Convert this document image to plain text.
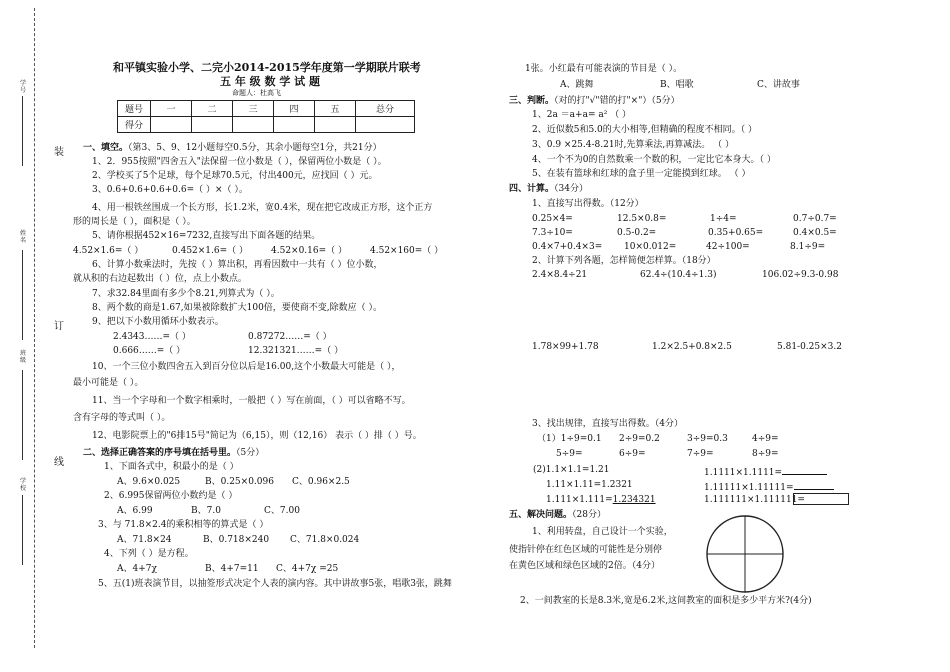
学号
姓名
班级
学校
装
订
线
和平镇实验小学、二完小2014-2015学年度第一学期联片联考
五 年 级 数 学 试 题
命题人：杜高飞
题号	一	二	三	四	五	总分
得分						
一、填空。（第3、5、9、12小题每空0.5分，其余小题每空1分，共21分）
1、2．955按照"四舍五入"法保留一位小数是（ ），保留两位小数是（ ）。
2、学校买了5个足球，每个足球70.5元，付出400元，应找回（ ）元。
3、0.6+0.6+0.6+0.6=（ ）×（ ）。
4、用一根铁丝围成一个长方形，长1.2米，宽0.4米，现在把它改成正方形，这个正方
形的周长是（ ），面积是（ ）。
5、请你根据452×16=7232,直接写出下面各题的结果。
4.52×1.6=（ ）	0.452×1.6=（ ）	4.52×0.16=（ ）	4.52×160=（ ）
6、计算小数乘法时，先按（ ）算出积，再看因数中一共有（ ）位小数，
就从积的右边起数出（ ）位，点上小数点。
7、求32.84里面有多少个8.21,列算式为（ ）。
8、两个数的商是1.67,如果被除数扩大100倍，要使商不变,除数应（ ）。
9、把以下小数用循环小数表示。
2.4343……=（ ）	0.87272……=（ ）
0.666……=（ ）	12.321321……=（ ）
10、一个三位小数四舍五入到百分位以后是16.00,这个小数最大可能是（ ），
最小可能是（ ）。
11、当一个字母和一个数字相乘时，一般把（ ）写在前面，（ ）可以省略不写。
含有字母的等式叫（ ）。
12、电影院票上的"6排15号"简记为（6,15），则（12,16） 表示（ ）排（ ）号。
二、选择正确答案的序号填在括号里。（5分）
1、下面各式中，积最小的是（ ）
A、9.6×0.025	B、0.25×0.096 C、0.96×2.5
2、6.995保留两位小数约是（ ）
A、6.99	B、7.0	C、7.00
3、与 71.8×2.4的乘积相等的算式是（ ）
A、71.8×24	B、0.718×240 C、71.8×0.024
4、下列（ ）是方程。
A、4+7χ	B、4+7=11 C、4+7χ =25
5、五(1)班表演节目，以抽签形式决定个人表的演内容。其中讲故事5张，唱歌3张，跳舞
1张。小红最有可能表演的节目是（ ）。
A、跳舞	B、唱歌	C、讲故事
三、判断。（对的打"√"错的打"×"）（5分）
1、2a ＝a+a= a² （ ）
2、近似数5和5.0的大小相等,但精确的程度不相同。（ ）
3、0.9 ×25.4-8.21时,先算乘法,再算减法。 （ ）
4、一个不为0的自然数乘一个数的积，一定比它本身大。（ ）
5、在装有篮球和红球的盒子里一定能摸到红球。 （ ）
四、计算。（34分）
1、直接写出得数。（12分）
0.25×4=	12.5×0.8=	1÷4=	0.7÷0.7=
7.3÷10=	0.5-0.2=	0.35+0.65=	0.4×0.5=
0.4×7+0.4×3= 10×0.012=	42÷100=	8.1÷9=
2、计算下列各题，怎样简便怎样算。（18分）
2.4×8.4÷21	62.4÷(10.4÷1.3)	106.02÷9.3-0.98
1.78×99+1.78	1.2×2.5+0.8×2.5	5.81-0.25×3.2
3、找出规律，直接写出得数。（4分）
（1）1÷9=0.1 2÷9=0.2	3÷9=0.3	4÷9=
5÷9=	6÷9=	7÷9=	8÷9=
(2)1.1×1.1=1.21	1.1111×1.1111=
1.11×1.11=1.2321	1.11111×1.11111=
1.111×1.111=1.234321	1.111111×1.111111=
五、解决问题。（28分）
1、利用转盘，自己设计一个实验，
使指针停在红色区域的可能性是分别停
在黄色区域和绿色区域的2倍。（4分）
2、一间教室的长是8.3米,宽是6.2米,这间教室的面积是多少平方米?(4分)
